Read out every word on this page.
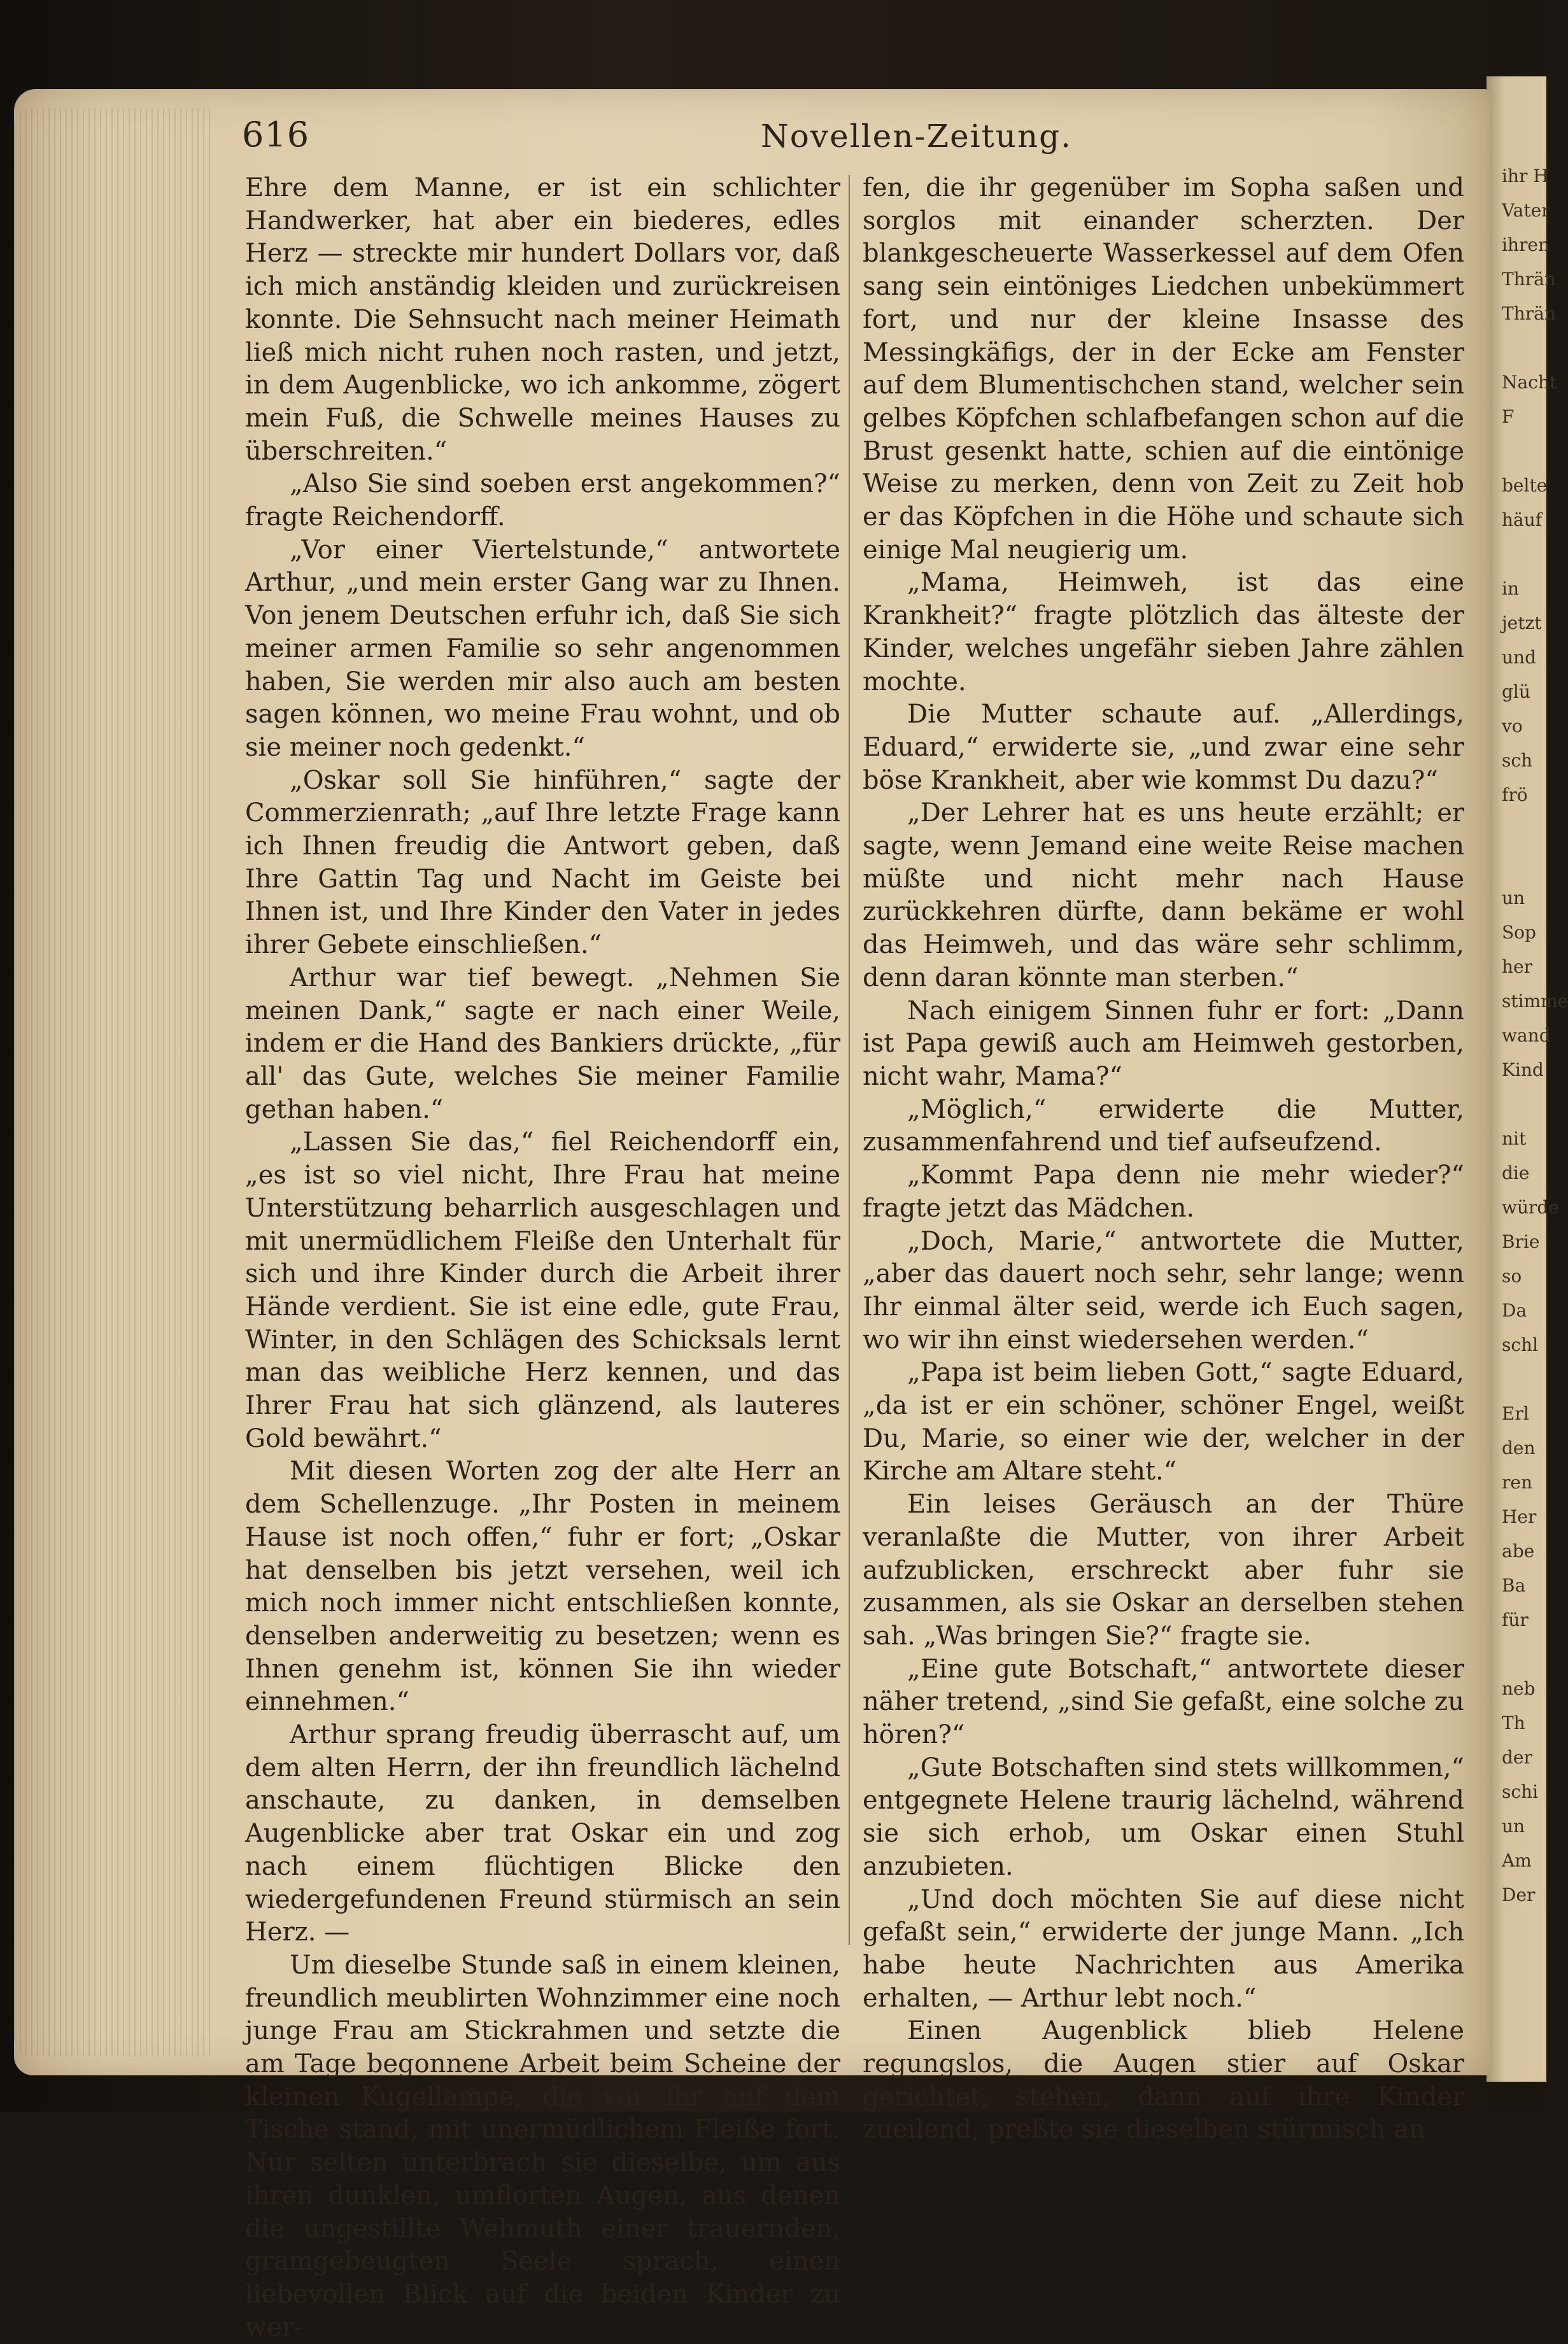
ihr H
Vater
ihren
Thrän
Thrän

Nacht
F

belte
häuf

in
jetzt
und
glü
vo
sch
frö

un
Sop
her
stimme
wand
Kind

nit
die
würde
Brie
so
Da
schl

Erl
den
ren
Her
abe
Ba
für

neb
Th
der
schi
un
Am
Der
616	Novellen-Zeitung.

Ehre dem Manne, er ist ein schlichter Handwerker, hat aber ein biederes, edles Herz — streckte mir hundert Dollars vor, daß ich mich anständig kleiden und zurückreisen konnte. Die Sehnsucht nach meiner Heimath ließ mich nicht ruhen noch rasten, und jetzt, in dem Augenblicke, wo ich ankomme, zögert mein Fuß, die Schwelle meines Hauses zu überschreiten.“

„Also Sie sind soeben erst angekommen?“ fragte Reichendorff.

„Vor einer Viertelstunde,“ antwortete Arthur, „und mein erster Gang war zu Ihnen. Von jenem Deutschen erfuhr ich, daß Sie sich meiner armen Familie so sehr angenommen haben, Sie werden mir also auch am besten sagen können, wo meine Frau wohnt, und ob sie meiner noch gedenkt.“

„Oskar soll Sie hinführen,“ sagte der Commerzienrath; „auf Ihre letzte Frage kann ich Ihnen freudig die Antwort geben, daß Ihre Gattin Tag und Nacht im Geiste bei Ihnen ist, und Ihre Kinder den Vater in jedes ihrer Gebete einschließen.“

Arthur war tief bewegt. „Nehmen Sie meinen Dank,“ sagte er nach einer Weile, indem er die Hand des Bankiers drückte, „für all' das Gute, welches Sie meiner Familie gethan haben.“

„Lassen Sie das,“ fiel Reichendorff ein, „es ist so viel nicht, Ihre Frau hat meine Unterstützung beharrlich ausgeschlagen und mit unermüdlichem Fleiße den Unterhalt für sich und ihre Kinder durch die Arbeit ihrer Hände verdient. Sie ist eine edle, gute Frau, Winter, in den Schlägen des Schicksals lernt man das weibliche Herz kennen, und das Ihrer Frau hat sich glänzend, als lauteres Gold bewährt.“

Mit diesen Worten zog der alte Herr an dem Schellenzuge. „Ihr Posten in meinem Hause ist noch offen,“ fuhr er fort; „Oskar hat denselben bis jetzt versehen, weil ich mich noch immer nicht entschließen konnte, denselben anderweitig zu besetzen; wenn es Ihnen genehm ist, können Sie ihn wieder einnehmen.“

Arthur sprang freudig überrascht auf, um dem alten Herrn, der ihn freundlich lächelnd anschaute, zu danken, in demselben Augenblicke aber trat Oskar ein und zog nach einem flüchtigen Blicke den wiedergefundenen Freund stürmisch an sein Herz. —

Um dieselbe Stunde saß in einem kleinen, freundlich meublirten Wohnzimmer eine noch junge Frau am Stickrahmen und setzte die am Tage begonnene Arbeit beim Scheine der kleinen Kugellampe, die vor ihr auf dem Tische stand, mit unermüdlichem Fleiße fort. Nur selten unterbrach sie dieselbe, um aus ihren dunklen, umflorten Augen, aus denen die ungestillte Wehmuth einer trauernden, gramgebeugten Seele sprach, einen liebevollen Blick auf die beiden Kinder zu wer-

fen, die ihr gegenüber im Sopha saßen und sorglos mit einander scherzten. Der blankgescheuerte Wasserkessel auf dem Ofen sang sein eintöniges Liedchen unbekümmert fort, und nur der kleine Insasse des Messingkäfigs, der in der Ecke am Fenster auf dem Blumentischchen stand, welcher sein gelbes Köpfchen schlafbefangen schon auf die Brust gesenkt hatte, schien auf die eintönige Weise zu merken, denn von Zeit zu Zeit hob er das Köpfchen in die Höhe und schaute sich einige Mal neugierig um.

„Mama, Heimweh, ist das eine Krankheit?“ fragte plötzlich das älteste der Kinder, welches ungefähr sieben Jahre zählen mochte.

Die Mutter schaute auf. „Allerdings, Eduard,“ erwiderte sie, „und zwar eine sehr böse Krankheit, aber wie kommst Du dazu?“

„Der Lehrer hat es uns heute erzählt; er sagte, wenn Jemand eine weite Reise machen müßte und nicht mehr nach Hause zurückkehren dürfte, dann bekäme er wohl das Heimweh, und das wäre sehr schlimm, denn daran könnte man sterben.“

Nach einigem Sinnen fuhr er fort: „Dann ist Papa gewiß auch am Heimweh gestorben, nicht wahr, Mama?“

„Möglich,“ erwiderte die Mutter, zusammenfahrend und tief aufseufzend.

„Kommt Papa denn nie mehr wieder?“ fragte jetzt das Mädchen.

„Doch, Marie,“ antwortete die Mutter, „aber das dauert noch sehr, sehr lange; wenn Ihr einmal älter seid, werde ich Euch sagen, wo wir ihn einst wiedersehen werden.“

„Papa ist beim lieben Gott,“ sagte Eduard, „da ist er ein schöner, schöner Engel, weißt Du, Marie, so einer wie der, welcher in der Kirche am Altare steht.“

Ein leises Geräusch an der Thüre veranlaßte die Mutter, von ihrer Arbeit aufzublicken, erschreckt aber fuhr sie zusammen, als sie Oskar an derselben stehen sah. „Was bringen Sie?“ fragte sie.

„Eine gute Botschaft,“ antwortete dieser näher tretend, „sind Sie gefaßt, eine solche zu hören?“

„Gute Botschaften sind stets willkommen,“ entgegnete Helene traurig lächelnd, während sie sich erhob, um Oskar einen Stuhl anzubieten.

„Und doch möchten Sie auf diese nicht gefaßt sein,“ erwiderte der junge Mann. „Ich habe heute Nachrichten aus Amerika erhalten, — Arthur lebt noch.“

Einen Augenblick blieb Helene regungslos, die Augen stier auf Oskar gerichtet, stehen, dann auf ihre Kinder zueilend, preßte sie dieselben stürmisch an
